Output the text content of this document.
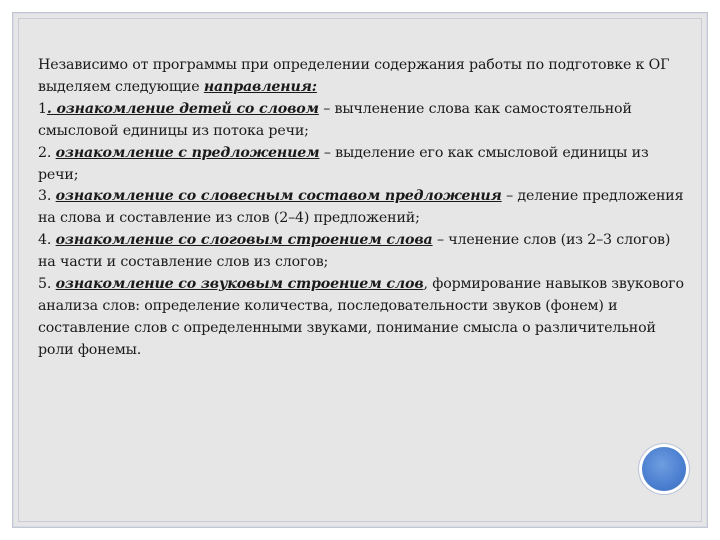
Независимо от программы при определении содержания работы по подготовке к ОГ выделяем следующие направления:

1. ознакомление детей со словом – вычленение слова как самостоятельной смысловой единицы из потока речи;

2. ознакомление с предложением – выделение его как смысловой единицы из речи;

3. ознакомление со словесным составом предложения – деление предложения на слова и составление из слов (2–4) предложений;

4. ознакомление со слоговым строением слова – членение слов (из 2–3 слогов) на части и составление слов из слогов;

5. ознакомление со звуковым строением слов, формирование навыков звукового анализа слов: определение количества, последовательности звуков (фонем) и составление слов с определенными звуками, понимание смысла о различительной роли фонемы.
